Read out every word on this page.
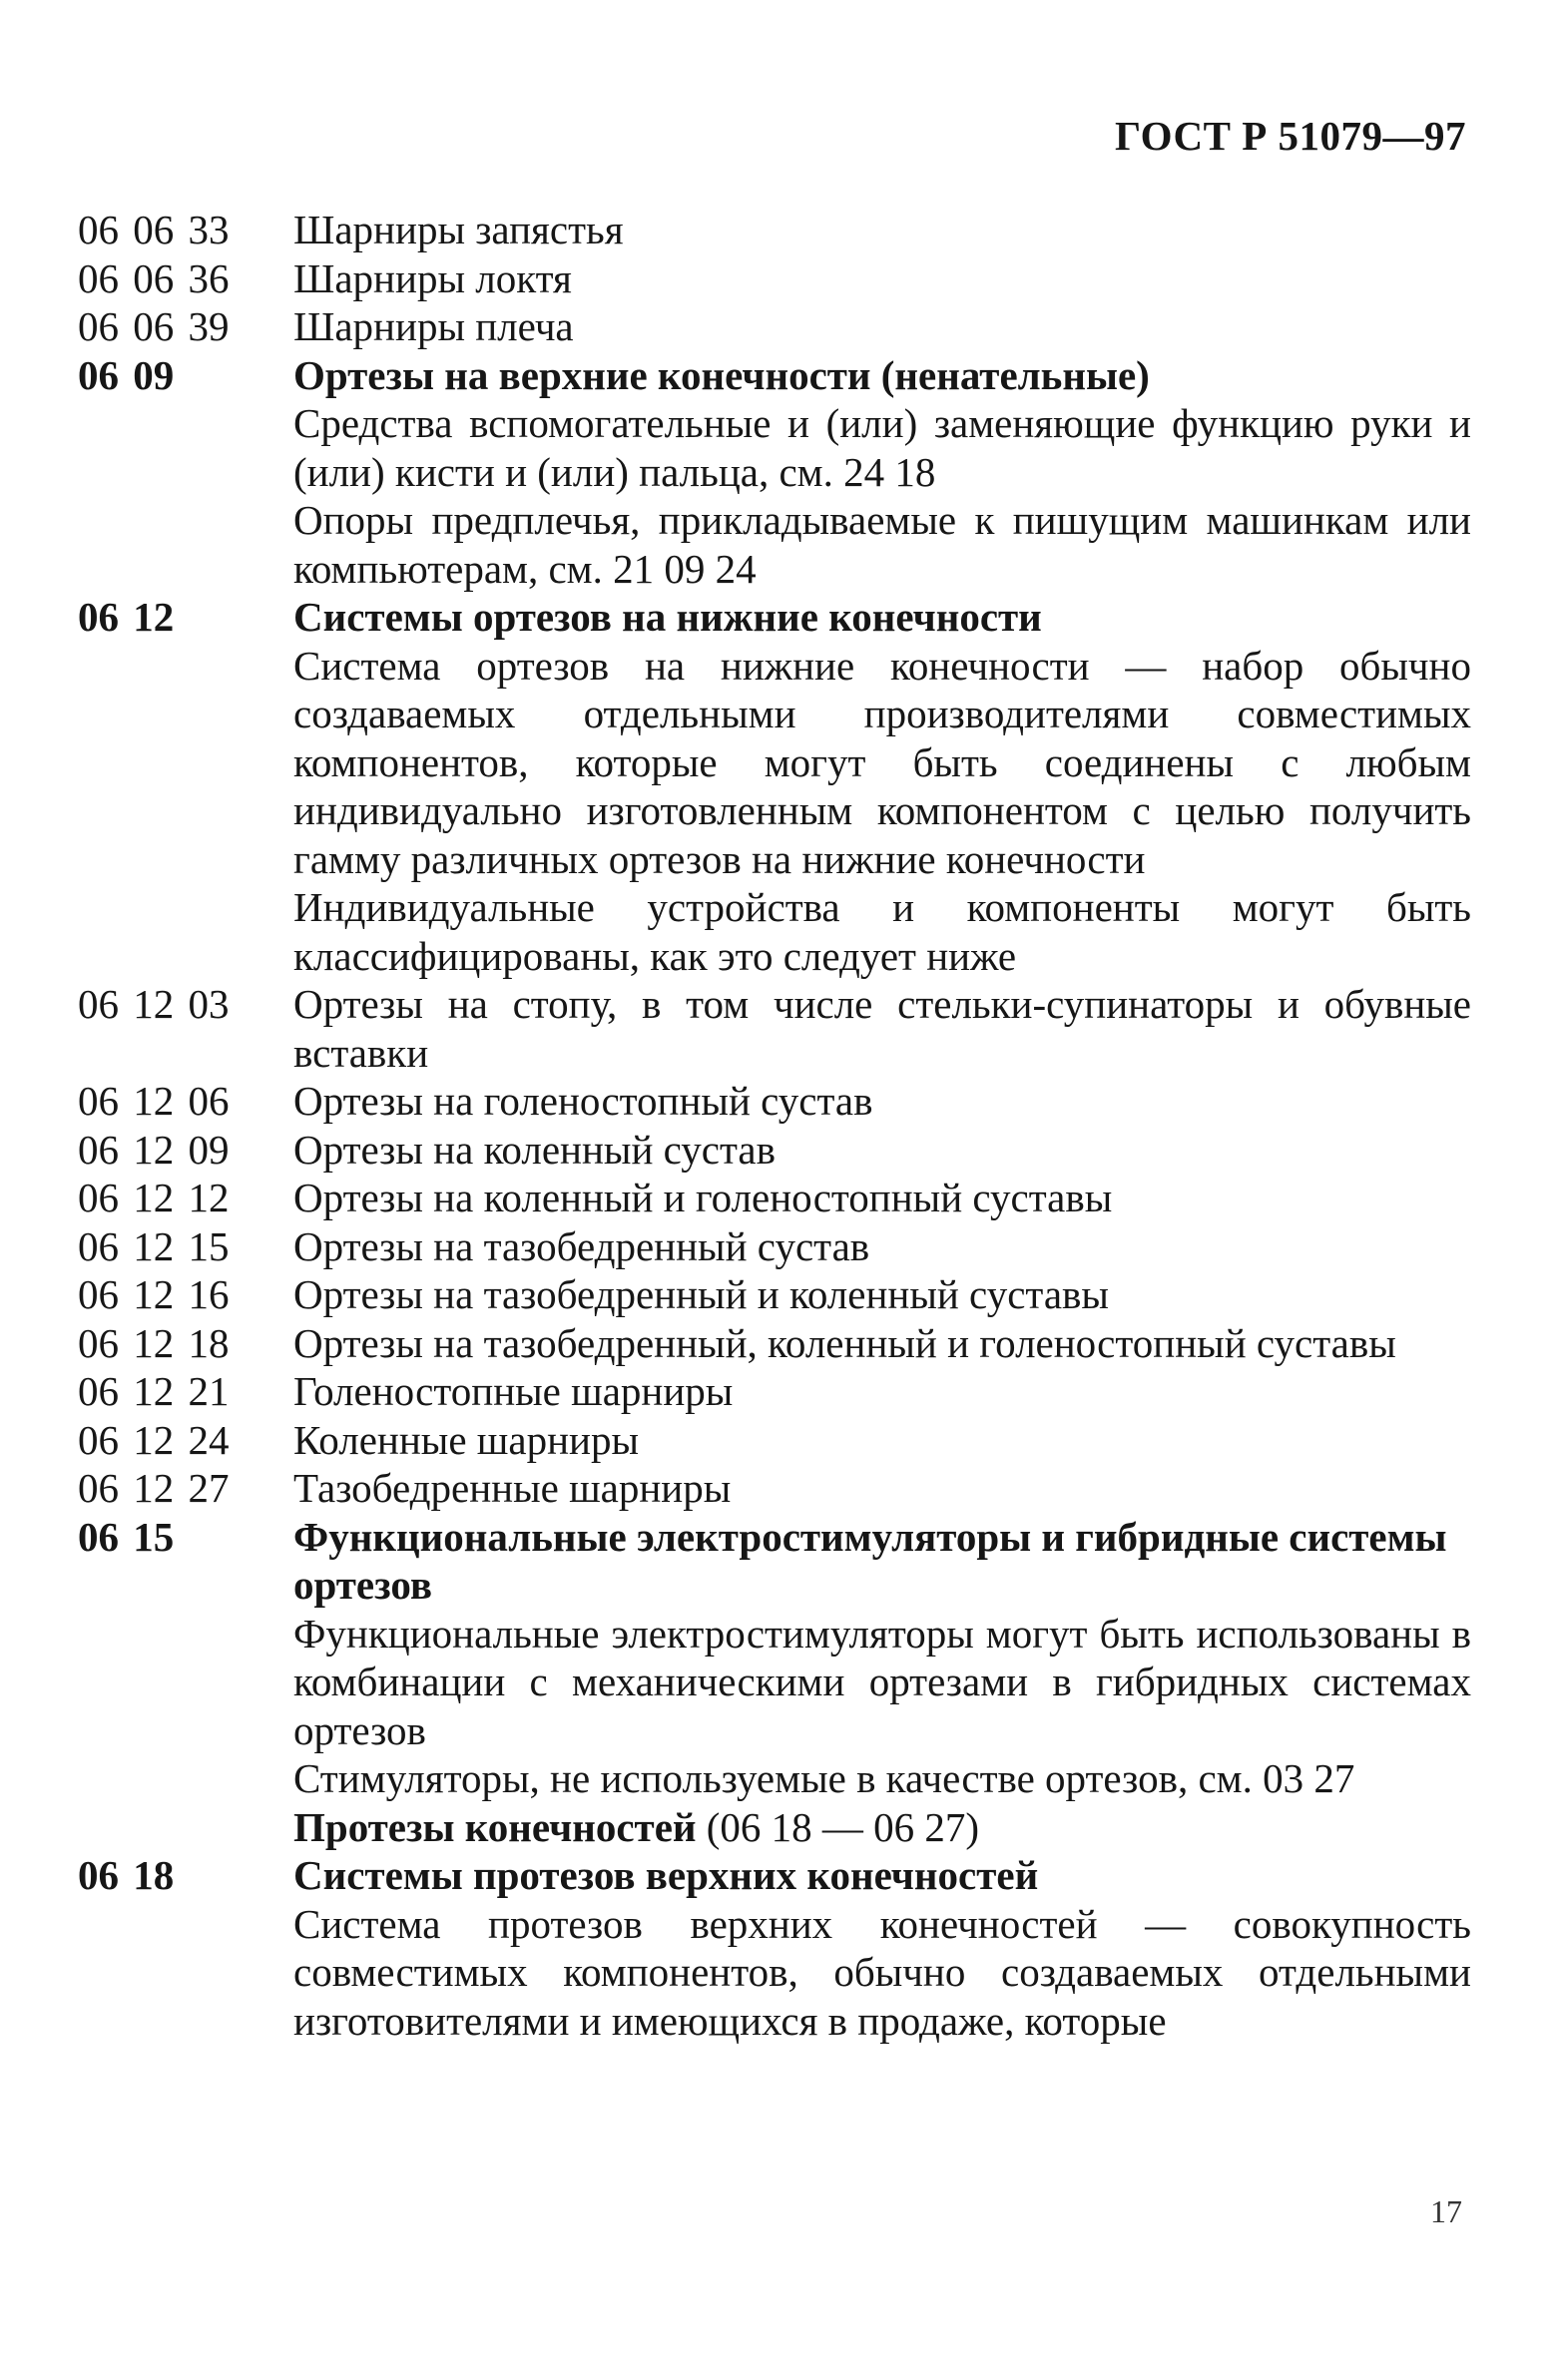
ГОСТ Р 51079—97
06 06 33	Шарниры запястья
06 06 36	Шарниры локтя
06 06 39	Шарниры плеча
06 09	Ортезы на верхние конечности (ненательные)
Средства вспомогательные и (или) заменяющие функцию руки и (или) кисти и (или) пальца, см. 24 18
Опоры предплечья, прикладываемые к пишущим машинкам или компьютерам, см. 21 09 24
06 12	Системы ортезов на нижние конечности
Система ортезов на нижние конечности — набор обычно создаваемых отдельными производителями совместимых компонентов, которые могут быть соединены с любым индивидуально изготовленным компонентом с целью получить гамму различных ортезов на нижние конечности
Индивидуальные устройства и компоненты могут быть классифицированы, как это следует ниже
06 12 03	Ортезы на стопу, в том числе стельки-супинаторы и обувные вставки
06 12 06	Ортезы на голеностопный сустав
06 12 09	Ортезы на коленный сустав
06 12 12	Ортезы на коленный и голеностопный суставы
06 12 15	Ортезы на тазобедренный сустав
06 12 16	Ортезы на тазобедренный и коленный суставы
06 12 18	Ортезы на тазобедренный, коленный и голеностопный суставы
06 12 21	Голеностопные шарниры
06 12 24	Коленные шарниры
06 12 27	Тазобедренные шарниры
06 15	Функциональные электростимуляторы и гибридные системы ортезов
Функциональные электростимуляторы могут быть использованы в комбинации с механическими ортезами в гибридных системах ортезов
Стимуляторы, не используемые в качестве ортезов, см. 03 27
Протезы конечностей (06 18 — 06 27)
06 18	Системы протезов верхних конечностей
Система протезов верхних конечностей — совокупность совместимых компонентов, обычно создаваемых отдельными изготовителями и имеющихся в продаже, которые
17
